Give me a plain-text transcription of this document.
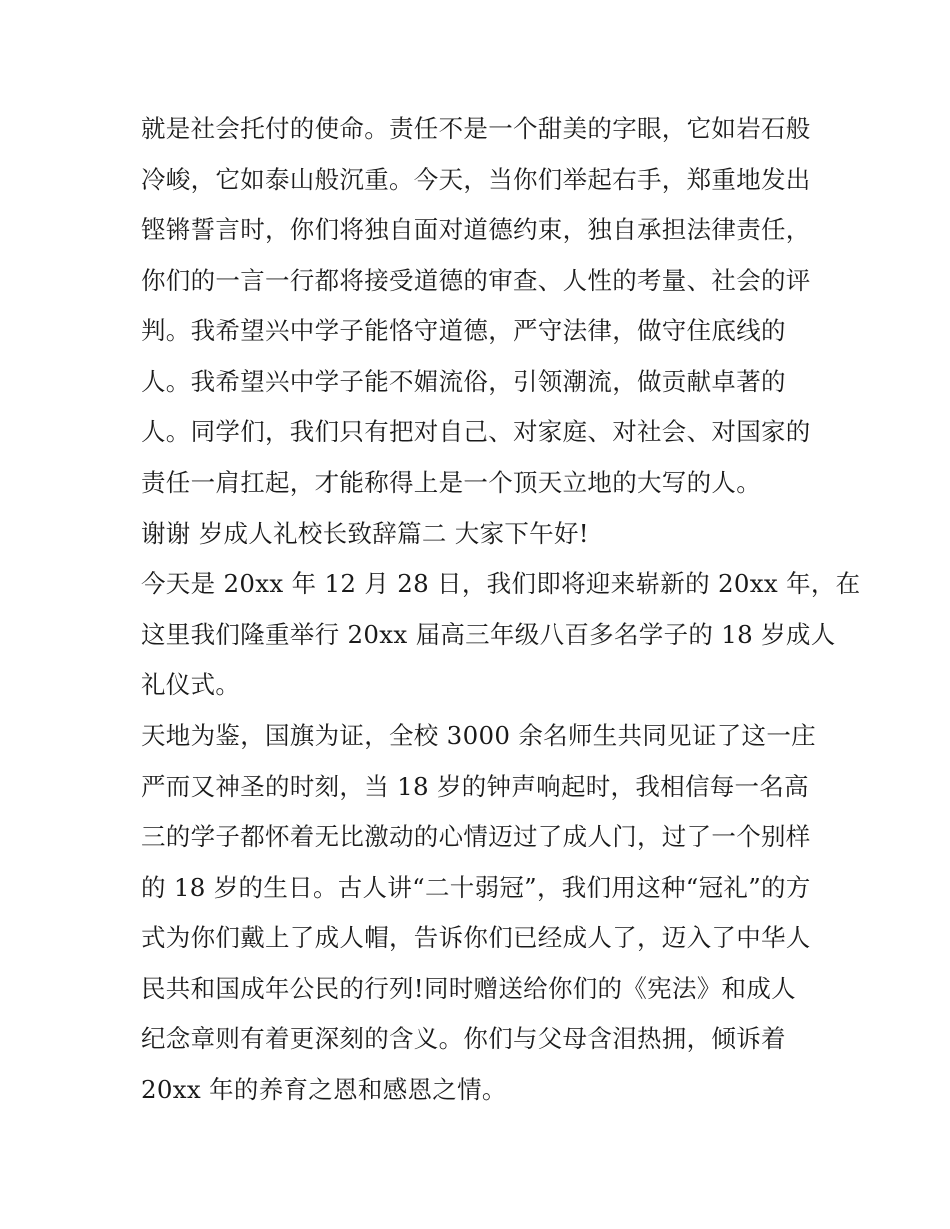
就是社会托付的使命。责任不是一个甜美的字眼，它如岩石般
冷峻，它如泰山般沉重。今天，当你们举起右手，郑重地发出
铿锵誓言时，你们将独自面对道德约束，独自承担法律责任，
你们的一言一行都将接受道德的审查、人性的考量、社会的评
判。我希望兴中学子能恪守道德，严守法律，做守住底线的
人。我希望兴中学子能不媚流俗，引领潮流，做贡献卓著的
人。同学们，我们只有把对自己、对家庭、对社会、对国家的
责任一肩扛起，才能称得上是一个顶天立地的大写的人。
谢谢 岁成人礼校长致辞篇二 大家下午好!
今天是 20xx 年 12 月 28 日，我们即将迎来崭新的 20xx 年，在
这里我们隆重举行 20xx 届高三年级八百多名学子的 18 岁成人
礼仪式。
天地为鉴，国旗为证，全校 3000 余名师生共同见证了这一庄
严而又神圣的时刻，当 18 岁的钟声响起时，我相信每一名高
三的学子都怀着无比激动的心情迈过了成人门，过了一个别样
的 18 岁的生日。古人讲“二十弱冠”，我们用这种“冠礼”的方
式为你们戴上了成人帽，告诉你们已经成人了，迈入了中华人
民共和国成年公民的行列!同时赠送给你们的《宪法》和成人
纪念章则有着更深刻的含义。你们与父母含泪热拥，倾诉着
20xx 年的养育之恩和感恩之情。
